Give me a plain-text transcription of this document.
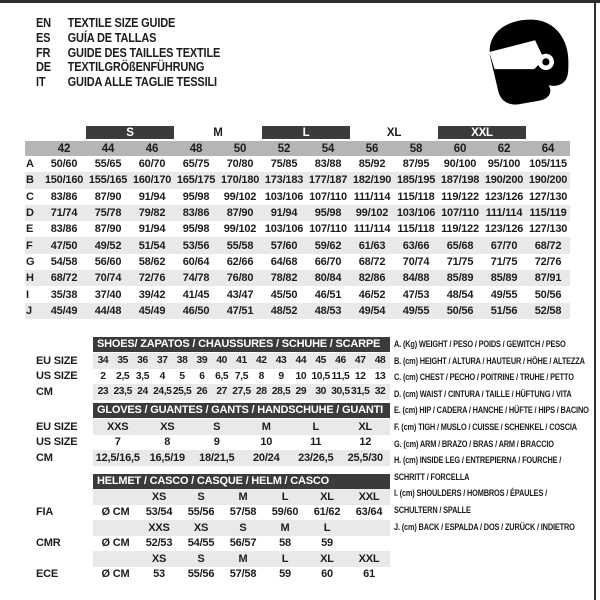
EN	TEXTILE SIZE GUIDE
ES	GUÍA DE TALLAS
FR	GUIDE DES TAILLES TEXTILE
DE	TEXTILGRÖßENFÜHRUNG
IT	GUIDA ALLE TAGLIE TESSILI
		S		M		L		XL		XXL		
	42	44	46	48	50	52	54	56	58	60	62	64
A	50/60	55/65	60/70	65/75	70/80	75/85	83/88	85/92	87/95	90/100	95/100	105/115
B	150/160	155/165	160/170	165/175	170/180	173/183	177/187	182/190	185/195	187/198	190/200	190/200
C	83/86	87/90	91/94	95/98	99/102	103/106	107/110	111/114	115/118	119/122	123/126	127/130
D	71/74	75/78	79/82	83/86	87/90	91/94	95/98	99/102	103/106	107/110	111/114	115/119
E	83/86	87/90	91/94	95/98	99/102	103/106	107/110	111/114	115/118	119/122	123/126	127/130
F	47/50	49/52	51/54	53/56	55/58	57/60	59/62	61/63	63/66	65/68	67/70	68/72
G	54/58	56/60	58/62	60/64	62/66	64/68	66/70	68/72	70/74	71/75	71/75	72/76
H	68/72	70/74	72/76	74/78	76/80	78/82	80/84	82/86	84/88	85/89	85/89	87/91
I	35/38	37/40	39/42	41/45	43/47	45/50	46/51	46/52	47/53	48/54	49/55	50/56
J	45/49	44/48	45/49	46/50	47/51	48/52	48/53	49/54	49/55	50/56	51/56	52/58
SHOES/ ZAPATOS / CHAUSSURES / SCHUHE / SCARPE
EU SIZE	34	35	36	37	38	39	40	41	42	43	44	45	46	47	48
US SIZE	2	2,5	3,5	4	5	6	6,5	7,5	8	9	10	10,5	11,5	12	13
CM	23	23,5	24	24,5	25,5	26	27	27,5	28	28,5	29	30	30,5	31,5	32
GLOVES / GUANTES / GANTS / HANDSCHUHE / GUANTI
EU SIZE	XXS	XS	S	M	L	XL
US SIZE	7	8	9	10	11	12
CM	12,5/16,5	16,5/19	18/21,5	20/24	23/26,5	25,5/30
HELMET / CASCO / CASQUE / HELM / CASCO
		XS	S	M	L	XL	XXL
FIA	Ø CM	53/54	55/56	57/58	59/60	61/62	63/64
		XXS	XS	S	M	L	
CMR	Ø CM	52/53	54/55	56/57	58	59	
		XS	S	M	L	XL	XXL
ECE	Ø CM	53	55/56	57/58	59	60	61
A. (Kg) WEIGHT / PESO / POIDS / GEWITCH / PESO
B. (cm) HEIGHT / ALTURA / HAUTEUR / HÖHE / ALTEZZA
C. (cm) CHEST / PECHO / POITRINE / TRUHE / PETTO
D. (cm) WAIST / CINTURA / TAILLE / HÜFTUNG / VITA
E. (cm) HIP / CADERA / HANCHE / HÜFTE / HIPS / BACINO
F. (cm) TIGH / MUSLO / CUISSE / SCHENKEL / COSCIA
G. (cm) ARM / BRAZO / BRAS / ARM / BRACCIO
H. (cm) INSIDE LEG / ENTREPIERNA / FOURCHE / SCHRITT / FORCELLA
I. (cm) SHOULDERS / HOMBROS / ÉPAULES / SCHULTERN / SPALLE
J. (cm) BACK / ESPALDA / DOS / ZURÜCK / INDIETRO
